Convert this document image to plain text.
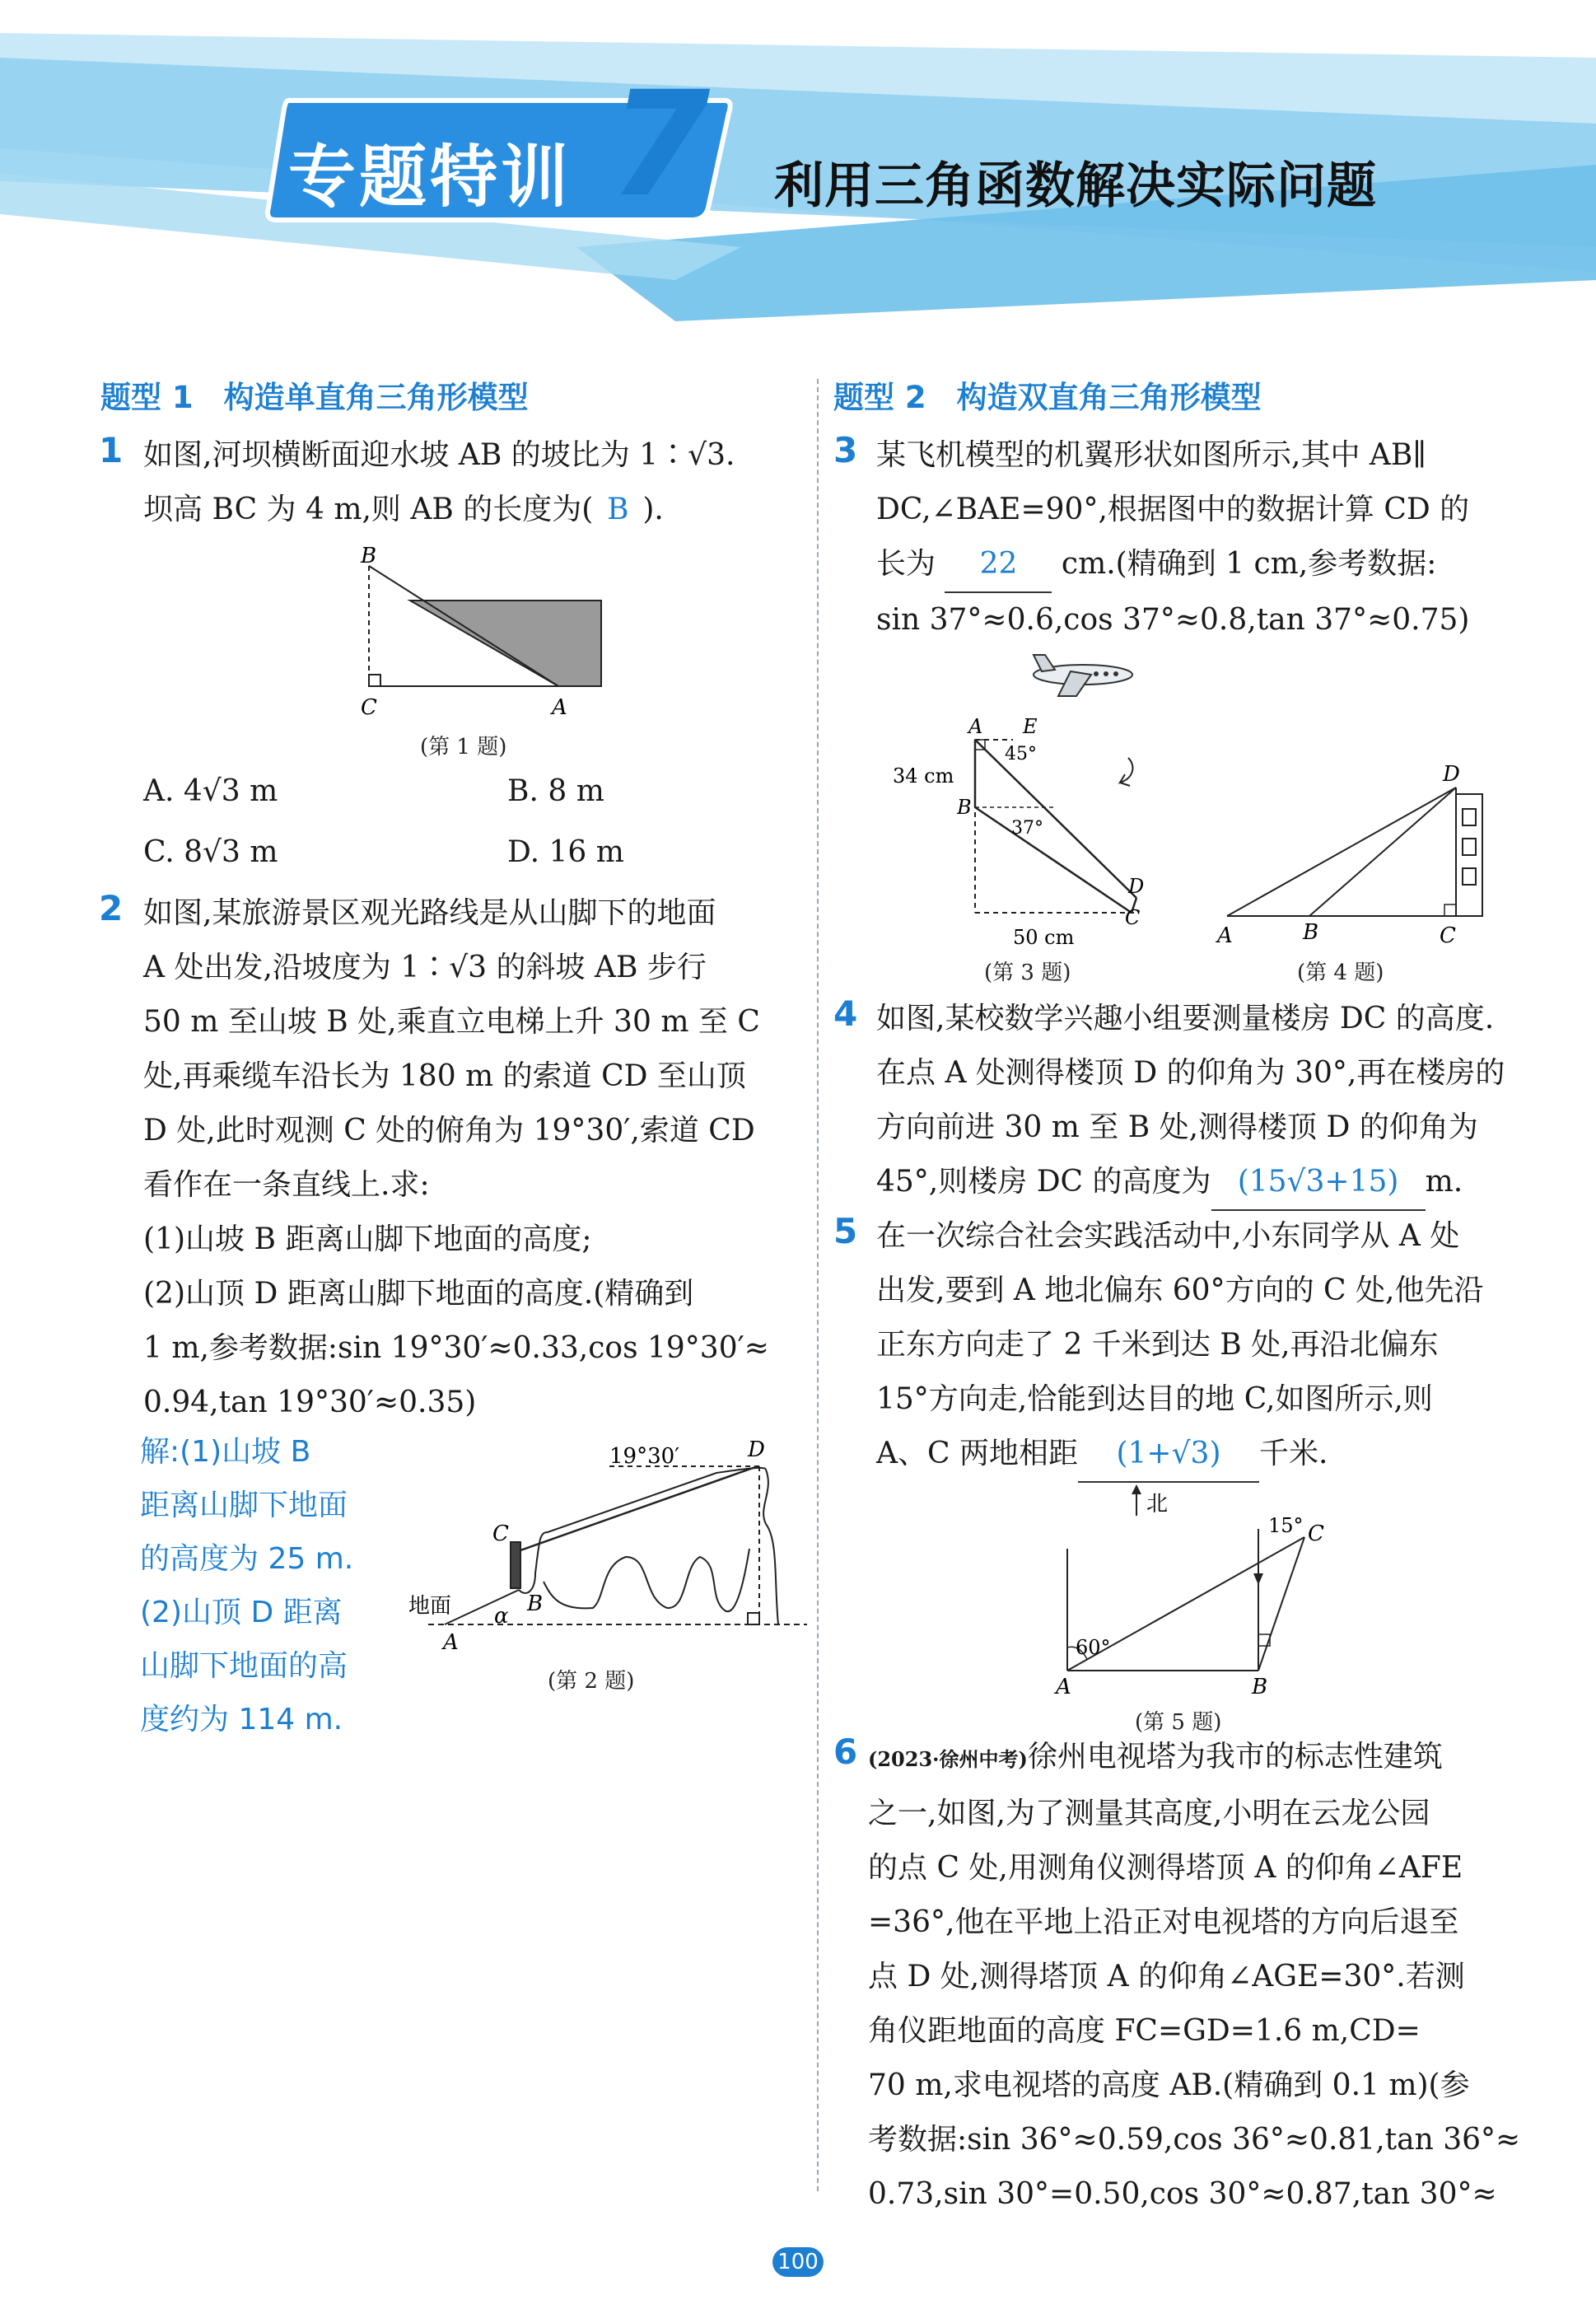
专题特训 7 利用三角函数解决实际问题
题型 1　构造单直角三角形模型
1 如图,河坝横断面迎水坡 AB 的坡比为 1∶√3.
坝高 BC 为 4 m,则 AB 的长度为( B ).
B
C	A
(第 1 题)
A. 4√3 m	B. 8 m
C. 8√3 m	D. 16 m
2 如图,某旅游景区观光路线是从山脚下的地面
A 处出发,沿坡度为 1∶√3 的斜坡 AB 步行
50 m 至山坡 B 处,乘直立电梯上升 30 m 至 C
处,再乘缆车沿长为 180 m 的索道 CD 至山顶
D 处,此时观测 C 处的俯角为 19°30′,索道 CD
看作在一条直线上.求:
(1)山坡 B 距离山脚下地面的高度;
(2)山顶 D 距离山脚下地面的高度.(精确到
1 m,参考数据:sin 19°30′≈0.33,cos 19°30′≈
0.94,tan 19°30′≈0.35)
解:(1)山坡 B
距离山脚下地面
的高度为 25 m.
(2)山顶 D 距离
山脚下地面的高
度约为 114 m.
19°30′	D
C
地面 α B
A
(第 2 题)
题型 2　构造双直角三角形模型
3 某飞机模型的机翼形状如图所示,其中 AB∥
DC,∠BAE=90°,根据图中的数据计算 CD 的
长为 22 cm.(精确到 1 cm,参考数据:
sin 37°≈0.6,cos 37°≈0.8,tan 37°≈0.75)
A E
45°
34 cm
B
37°
D
C
50 cm
(第 3 题)
D
A	B	C
(第 4 题)
4 如图,某校数学兴趣小组要测量楼房 DC 的高度.
在点 A 处测得楼顶 D 的仰角为 30°,再在楼房的
方向前进 30 m 至 B 处,测得楼顶 D 的仰角为
45°,则楼房 DC 的高度为 (15√3+15) m.
5 在一次综合社会实践活动中,小东同学从 A 处
出发,要到 A 地北偏东 60°方向的 C 处,他先沿
正东方向走了 2 千米到达 B 处,再沿北偏东
15°方向走,恰能到达目的地 C,如图所示,则
A、C 两地相距 (1+√3) 千米.
北
15° C
60°
A	B
(第 5 题)
6 (2023·徐州中考)徐州电视塔为我市的标志性建筑
之一,如图,为了测量其高度,小明在云龙公园
的点 C 处,用测角仪测得塔顶 A 的仰角∠AFE
=36°,他在平地上沿正对电视塔的方向后退至
点 D 处,测得塔顶 A 的仰角∠AGE=30°.若测
角仪距地面的高度 FC=GD=1.6 m,CD=
70 m,求电视塔的高度 AB.(精确到 0.1 m)(参
考数据:sin 36°≈0.59,cos 36°≈0.81,tan 36°≈
0.73,sin 30°=0.50,cos 30°≈0.87,tan 30°≈
100
